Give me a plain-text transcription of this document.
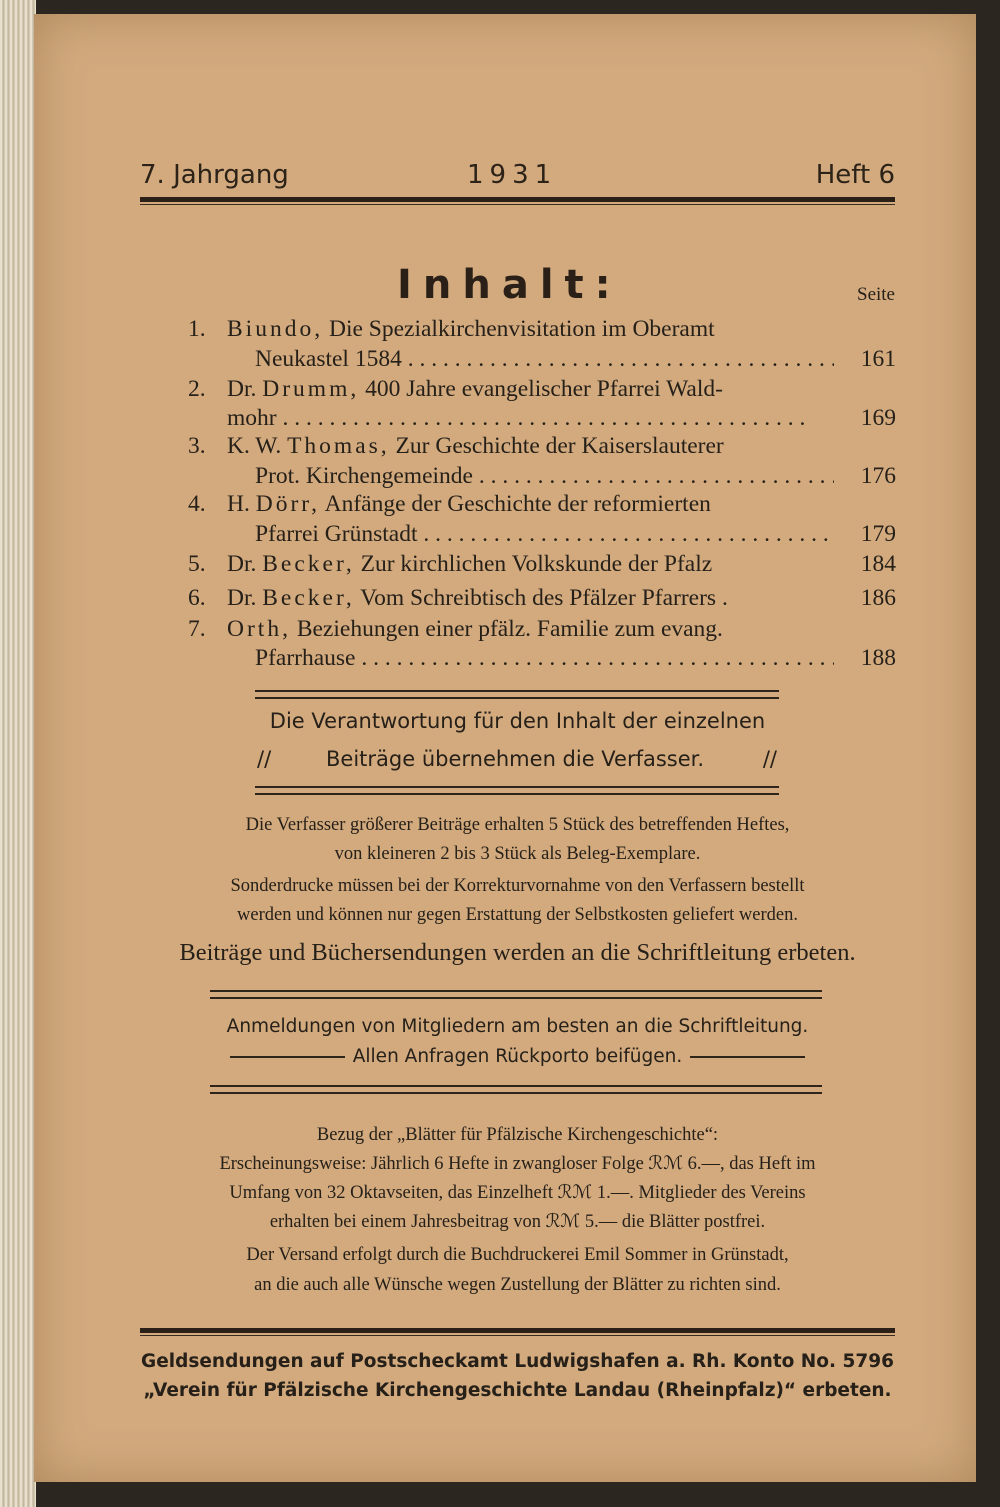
7. Jahrgang	1931	Heft 6
Inhalt:	Seite
1. Biundo, Die Spezialkirchenvisitation im Oberamt
Neukastel 1584 . . .	161
2. Dr. Drumm, 400 Jahre evangelischer Pfarrei Wald-
mohr . . .	169
3. K. W. Thomas, Zur Geschichte der Kaiserslauterer
Prot. Kirchengemeinde . . .	176
4. H. Dörr, Anfänge der Geschichte der reformierten
Pfarrei Grünstadt . . .	179
5. Dr. Becker, Zur kirchlichen Volkskunde der Pfalz	184
6. Dr. Becker, Vom Schreibtisch des Pfälzer Pfarrers .	186
7. Orth, Beziehungen einer pfälz. Familie zum evang.
Pfarrhause . . .	188
Die Verantwortung für den Inhalt der einzelnen
//	Beiträge übernehmen die Verfasser.	//
Die Verfasser größerer Beiträge erhalten 5 Stück des betreffenden Heftes,
von kleineren 2 bis 3 Stück als Beleg-Exemplare.
Sonderdrucke müssen bei der Korrekturvornahme von den Verfassern bestellt
werden und können nur gegen Erstattung der Selbstkosten geliefert werden.
Beiträge und Büchersendungen werden an die Schriftleitung erbeten.
Anmeldungen von Mitgliedern am besten an die Schriftleitung.
Allen Anfragen Rückporto beifügen.
Bezug der „Blätter für Pfälzische Kirchengeschichte“:
Erscheinungsweise: Jährlich 6 Hefte in zwangloser Folge ℛℳ 6.—, das Heft im
Umfang von 32 Oktavseiten, das Einzelheft ℛℳ 1.—. Mitglieder des Vereins
erhalten bei einem Jahresbeitrag von ℛℳ 5.— die Blätter postfrei.
Der Versand erfolgt durch die Buchdruckerei Emil Sommer in Grünstadt,
an die auch alle Wünsche wegen Zustellung der Blätter zu richten sind.
Geldsendungen auf Postscheckamt Ludwigshafen a. Rh. Konto No. 5796
„Verein für Pfälzische Kirchengeschichte Landau (Rheinpfalz)“ erbeten.
